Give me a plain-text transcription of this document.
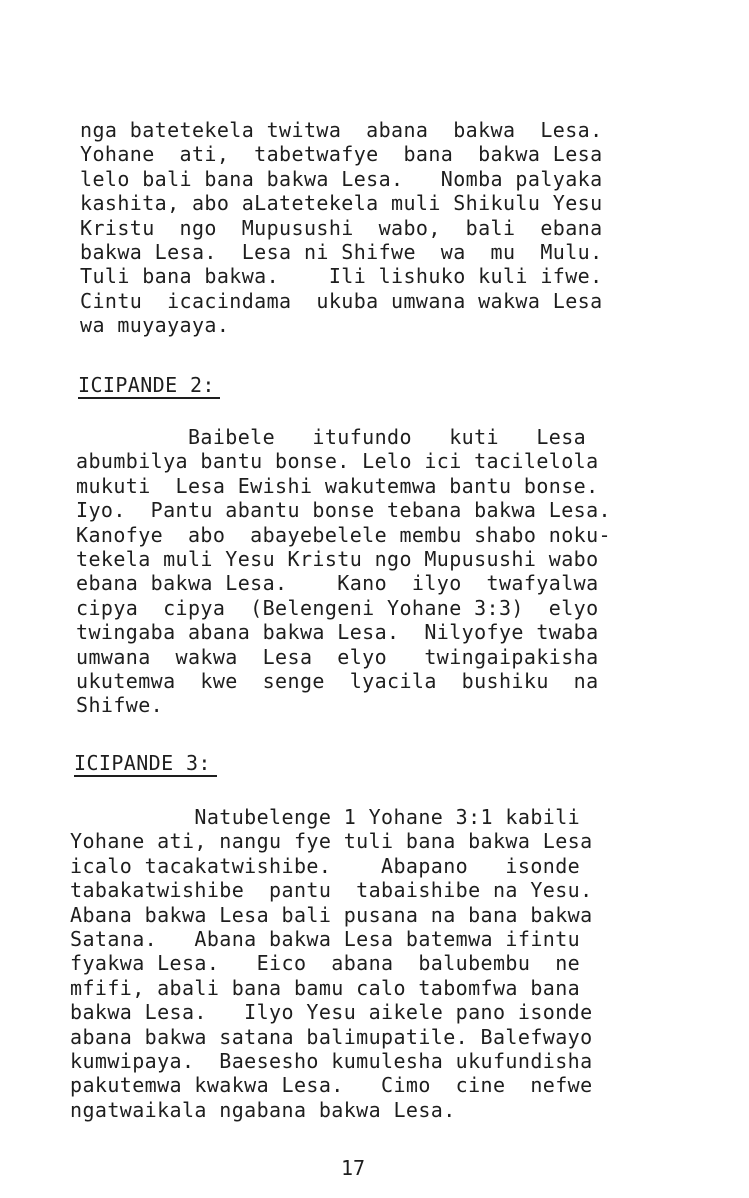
nga batetekela twitwa  abana  bakwa  Lesa.
Yohane  ati,  tabetwafye  bana  bakwa Lesa
lelo bali bana bakwa Lesa.   Nomba palyaka
kashita, abo aLatetekela muli Shikulu Yesu
Kristu  ngo  Mupusushi  wabo,  bali  ebana
bakwa Lesa.  Lesa ni Shifwe  wa  mu  Mulu.
Tuli bana bakwa.    Ili lishuko kuli ifwe.
Cintu  icacindama  ukuba umwana wakwa Lesa
wa muyayaya.
ICIPANDE 2:
Baibele   itufundo   kuti   Lesa
abumbilya bantu bonse. Lelo ici tacilelola
mukuti  Lesa Ewishi wakutemwa bantu bonse.
Iyo.  Pantu abantu bonse tebana bakwa Lesa.
Kanofye  abo  abayebelele membu shabo noku-
tekela muli Yesu Kristu ngo Mupusushi wabo
ebana bakwa Lesa.    Kano  ilyo  twafyalwa
cipya  cipya  (Belengeni Yohane 3:3)  elyo
twingaba abana bakwa Lesa.  Nilyofye twaba
umwana  wakwa  Lesa  elyo   twingaipakisha
ukutemwa  kwe  senge  lyacila  bushiku  na
Shifwe.
ICIPANDE 3:
Natubelenge 1 Yohane 3:1 kabili
Yohane ati, nangu fye tuli bana bakwa Lesa
icalo tacakatwishibe.    Abapano   isonde
tabakatwishibe  pantu  tabaishibe na Yesu.
Abana bakwa Lesa bali pusana na bana bakwa
Satana.   Abana bakwa Lesa batemwa ifintu
fyakwa Lesa.   Eico  abana  balubembu  ne
mfifi, abali bana bamu calo tabomfwa bana
bakwa Lesa.   Ilyo Yesu aikele pano isonde
abana bakwa satana balimupatile. Balefwayo
kumwipaya.  Baesesho kumulesha ukufundisha
pakutemwa kwakwa Lesa.   Cimo  cine  nefwe
ngatwaikala ngabana bakwa Lesa.
17
